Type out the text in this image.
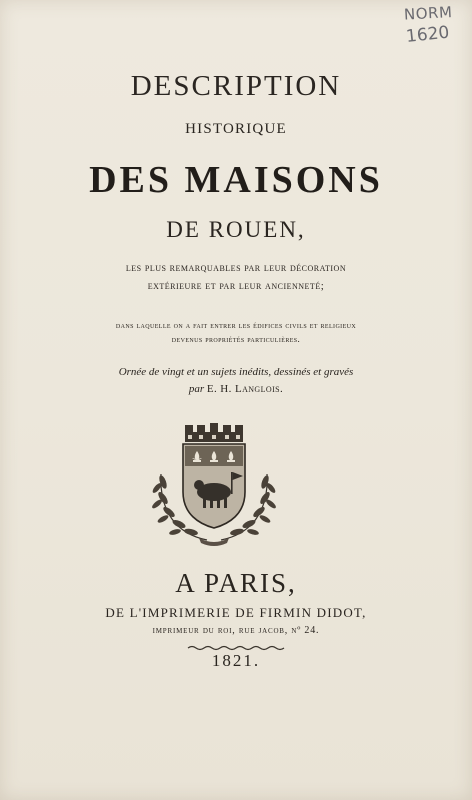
NORM
1620
DESCRIPTION
HISTORIQUE
DES MAISONS
DE ROUEN,
les plus remarquables par leur décoration
extérieure et par leur ancienneté;
dans laquelle on a fait entrer les édifices civils et religieux
devenus propriétés particulières.
Ornée de vingt et un sujets inédits, dessinés et gravés
par E. H. Langlois.
A PARIS,
DE L'IMPRIMERIE DE FIRMIN DIDOT,
imprimeur du roi, rue jacob, nº 24.
1821.
